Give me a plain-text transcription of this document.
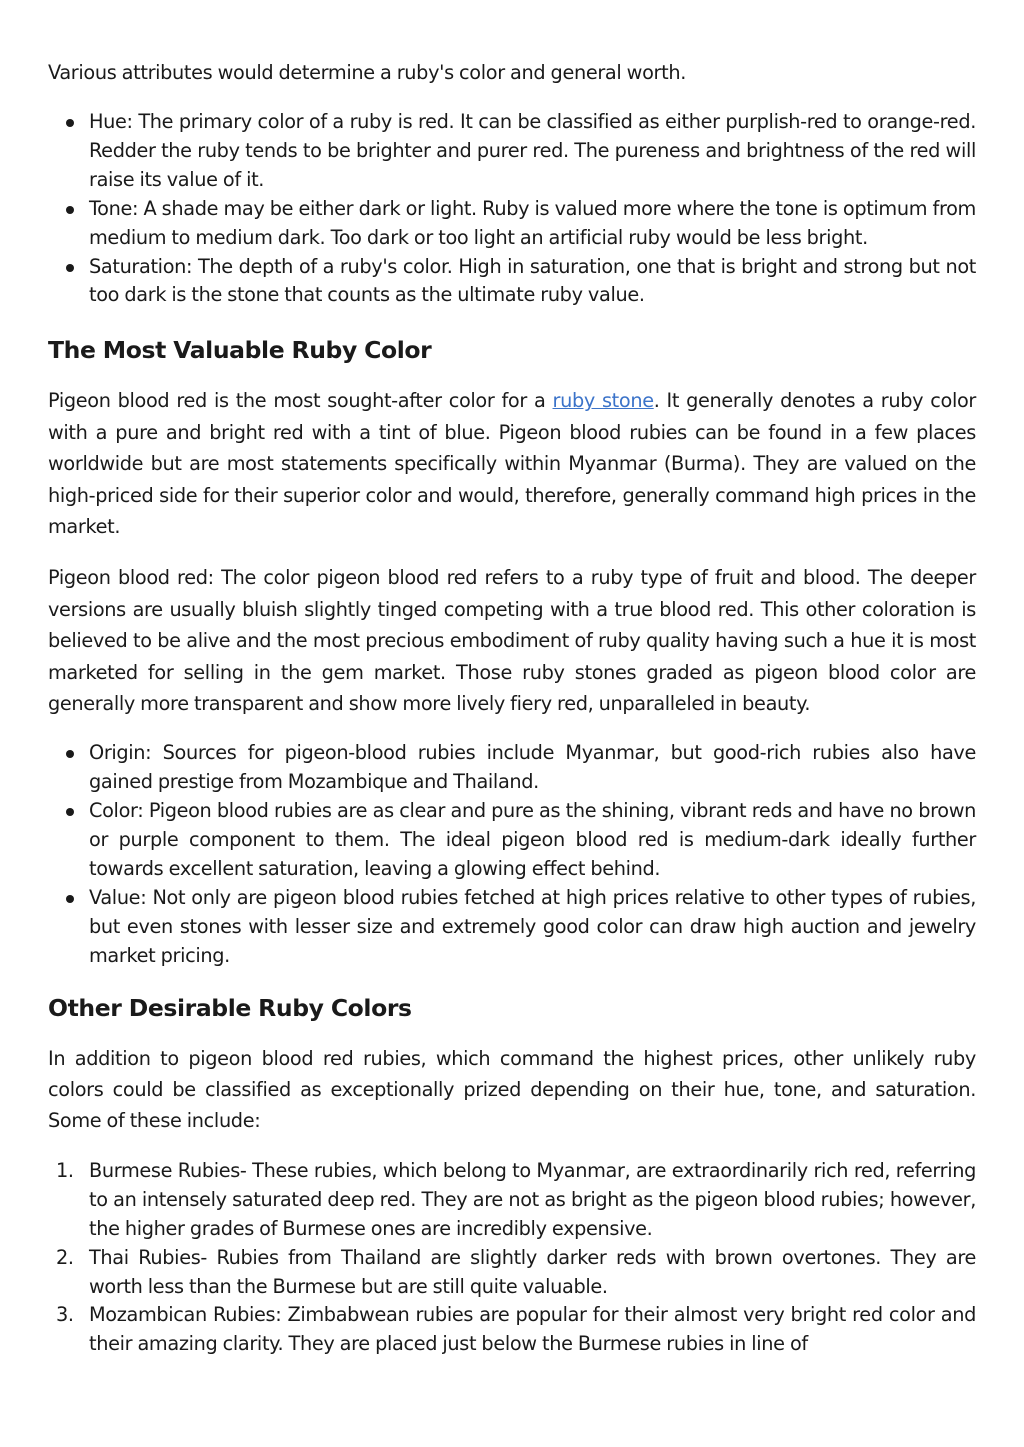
Various attributes would determine a ruby's color and general worth.

Hue: The primary color of a ruby is red. It can be classified as either purplish-red to orange-red. Redder the ruby tends to be brighter and purer red. The pureness and brightness of the red will raise its value of it.
Tone: A shade may be either dark or light. Ruby is valued more where the tone is optimum from medium to medium dark. Too dark or too light an artificial ruby would be less bright.
Saturation: The depth of a ruby's color. High in saturation, one that is bright and strong but not too dark is the stone that counts as the ultimate ruby value.
The Most Valuable Ruby Color

Pigeon blood red is the most sought-after color for a ruby stone. It generally denotes a ruby color with a pure and bright red with a tint of blue. Pigeon blood rubies can be found in a few places worldwide but are most statements specifically within Myanmar (Burma). They are valued on the high-priced side for their superior color and would, therefore, generally command high prices in the market.

Pigeon blood red: The color pigeon blood red refers to a ruby type of fruit and blood. The deeper versions are usually bluish slightly tinged competing with a true blood red. This other coloration is believed to be alive and the most precious embodiment of ruby quality having such a hue it is most marketed for selling in the gem market. Those ruby stones graded as pigeon blood color are generally more transparent and show more lively fiery red, unparalleled in beauty.

Origin: Sources for pigeon-blood rubies include Myanmar, but good-rich rubies also have gained prestige from Mozambique and Thailand.
Color: Pigeon blood rubies are as clear and pure as the shining, vibrant reds and have no brown or purple component to them. The ideal pigeon blood red is medium-dark ideally further towards excellent saturation, leaving a glowing effect behind.
Value: Not only are pigeon blood rubies fetched at high prices relative to other types of rubies, but even stones with lesser size and extremely good color can draw high auction and jewelry market pricing.
Other Desirable Ruby Colors

In addition to pigeon blood red rubies, which command the highest prices, other unlikely ruby colors could be classified as exceptionally prized depending on their hue, tone, and saturation. Some of these include:

1. Burmese Rubies- These rubies, which belong to Myanmar, are extraordinarily rich red, referring to an intensely saturated deep red. They are not as bright as the pigeon blood rubies; however, the higher grades of Burmese ones are incredibly expensive.
2. Thai Rubies- Rubies from Thailand are slightly darker reds with brown overtones. They are worth less than the Burmese but are still quite valuable.
3. Mozambican Rubies: Zimbabwean rubies are popular for their almost very bright red color and their amazing clarity. They are placed just below the Burmese rubies in line of
